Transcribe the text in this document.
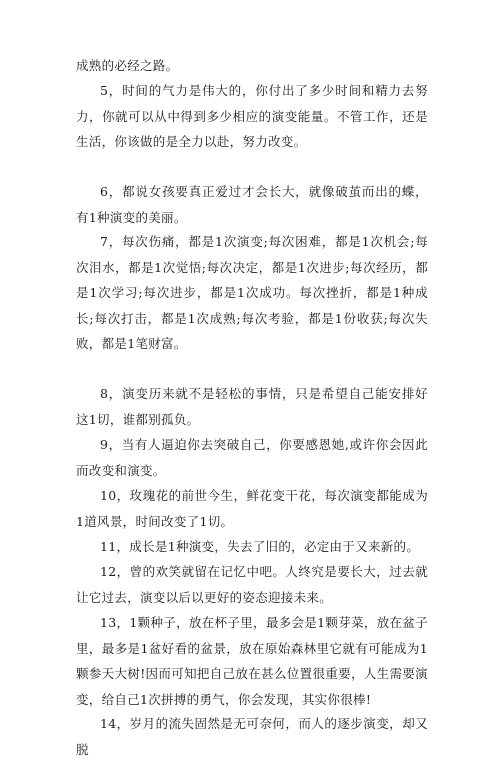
成熟的必经之路。

5，时间的气力是伟大的，你付出了多少时间和精力去努力，你就可以从中得到多少相应的演变能量。不管工作，还是生活，你该做的是全力以赴，努力改变。

6，都说女孩要真正爱过才会长大，就像破茧而出的蝶，有1种演变的美丽。

7，每次伤痛，都是1次演变;每次困难，都是1次机会;每次泪水，都是1次觉悟;每次决定，都是1次进步;每次经历，都是1次学习;每次进步，都是1次成功。每次挫折，都是1种成长;每次打击，都是1次成熟;每次考验，都是1份收获;每次失败，都是1笔财富。

8，演变历来就不是轻松的事情，只是希望自己能安排好这1切，谁都别孤负。

9，当有人逼迫你去突破自己，你要感恩她,或许你会因此而改变和演变。

10，玫瑰花的前世今生，鲜花变干花，每次演变都能成为1道风景，时间改变了1切。

11，成长是1种演变，失去了旧的，必定由于又来新的。

12，曾的欢笑就留在记忆中吧。人终究是要长大，过去就让它过去，演变以后以更好的姿态迎接未来。

13，1颗种子，放在杯子里，最多会是1颗芽菜，放在盆子里，最多是1盆好看的盆景，放在原始森林里它就有可能成为1颗参天大树!因而可知把自己放在甚么位置很重要，人生需要演变，给自己1次拼搏的勇气，你会发现，其实你很棒!

14，岁月的流失固然是无可奈何，而人的逐步演变，却又脱
